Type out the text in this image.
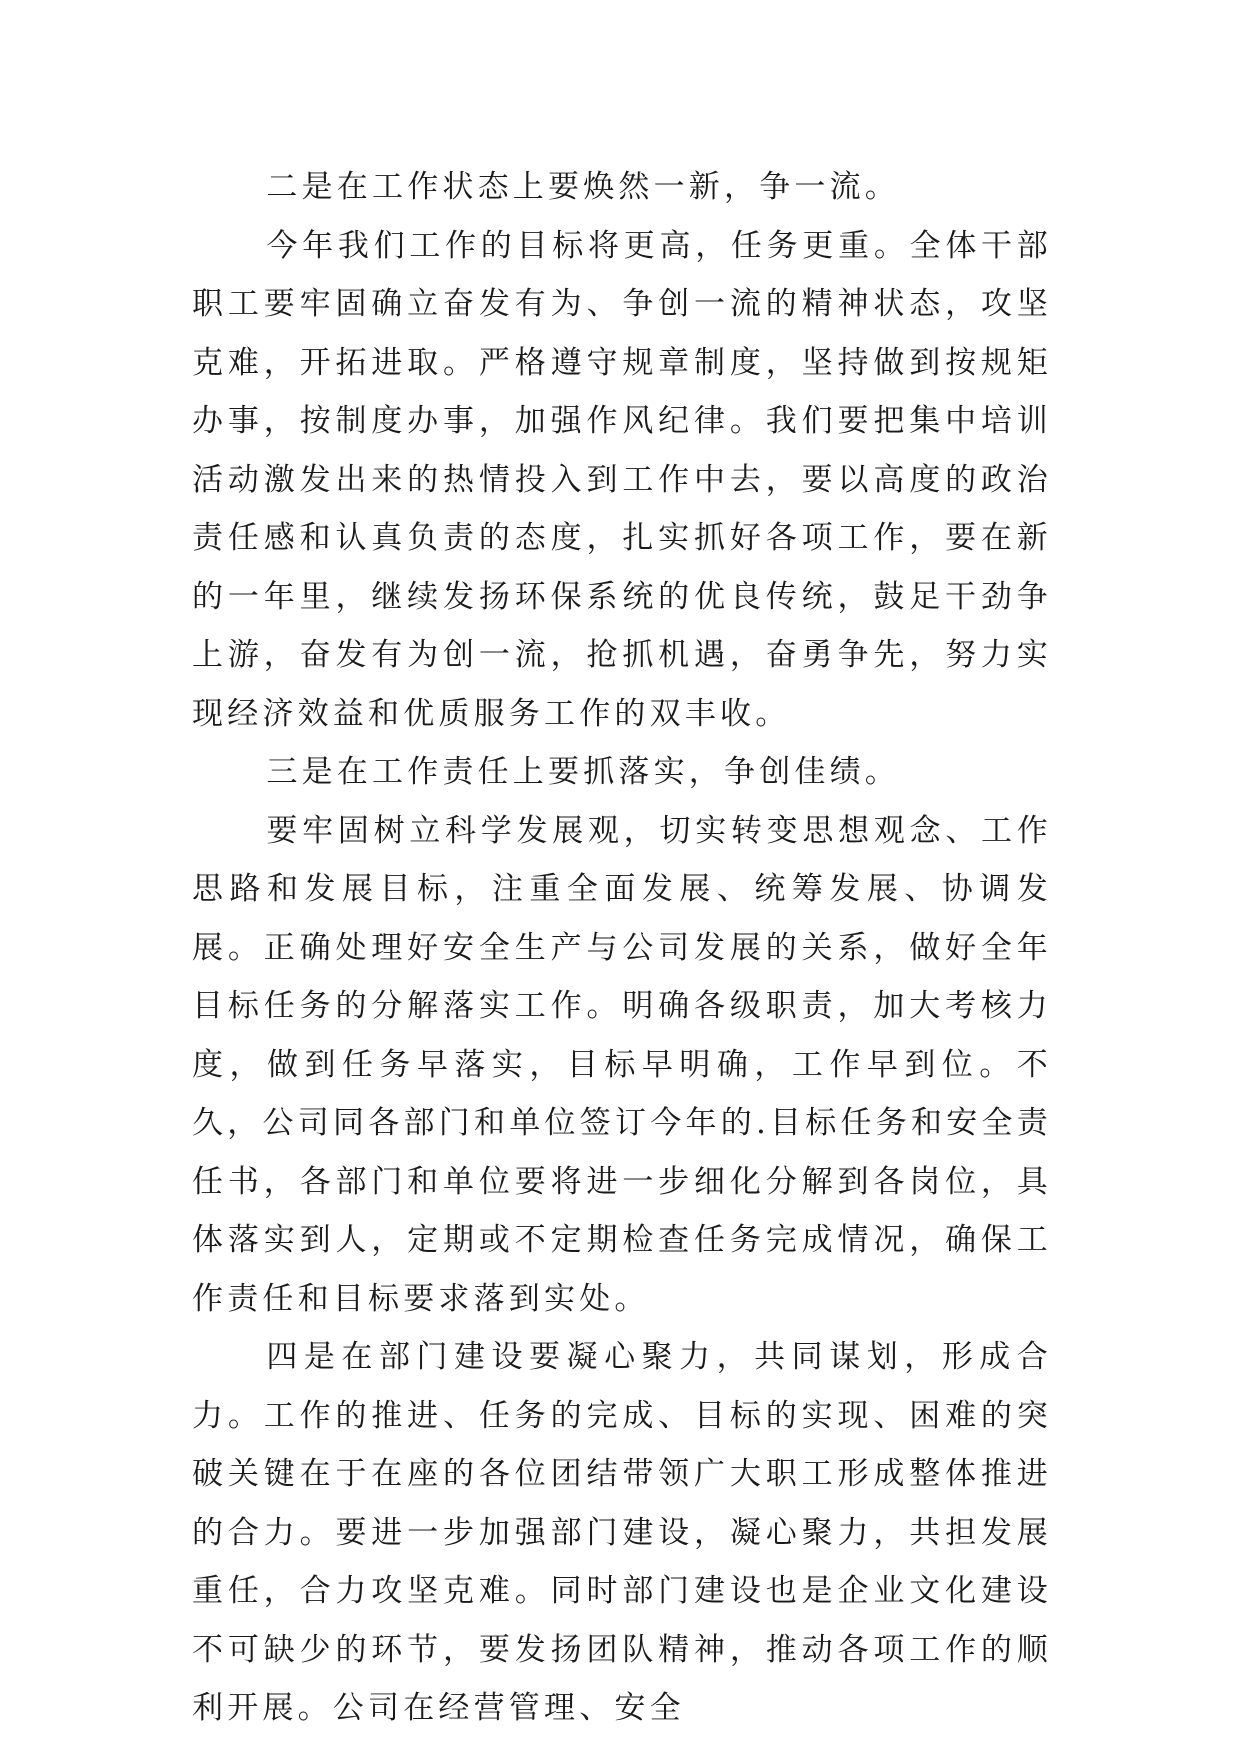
二是在工作状态上要焕然一新，争一流。

今年我们工作的目标将更高，任务更重。全体干部职工要牢固确立奋发有为、争创一流的精神状态，攻坚克难，开拓进取。严格遵守规章制度，坚持做到按规矩办事，按制度办事，加强作风纪律。我们要把集中培训活动激发出来的热情投入到工作中去，要以高度的政治责任感和认真负责的态度，扎实抓好各项工作，要在新的一年里，继续发扬环保系统的优良传统，鼓足干劲争上游，奋发有为创一流，抢抓机遇，奋勇争先，努力实现经济效益和优质服务工作的双丰收。

三是在工作责任上要抓落实，争创佳绩。

要牢固树立科学发展观，切实转变思想观念、工作思路和发展目标，注重全面发展、统筹发展、协调发展。正确处理好安全生产与公司发展的关系，做好全年目标任务的分解落实工作。明确各级职责，加大考核力度，做到任务早落实，目标早明确，工作早到位。不久，公司同各部门和单位签订今年的.目标任务和安全责任书，各部门和单位要将进一步细化分解到各岗位，具体落实到人，定期或不定期检查任务完成情况，确保工作责任和目标要求落到实处。

四是在部门建设要凝心聚力，共同谋划，形成合力。工作的推进、任务的完成、目标的实现、困难的突破关键在于在座的各位团结带领广大职工形成整体推进的合力。要进一步加强部门建设，凝心聚力，共担发展重任，合力攻坚克难。同时部门建设也是企业文化建设不可缺少的环节，要发扬团队精神，推动各项工作的顺利开展。公司在经营管理、安全
